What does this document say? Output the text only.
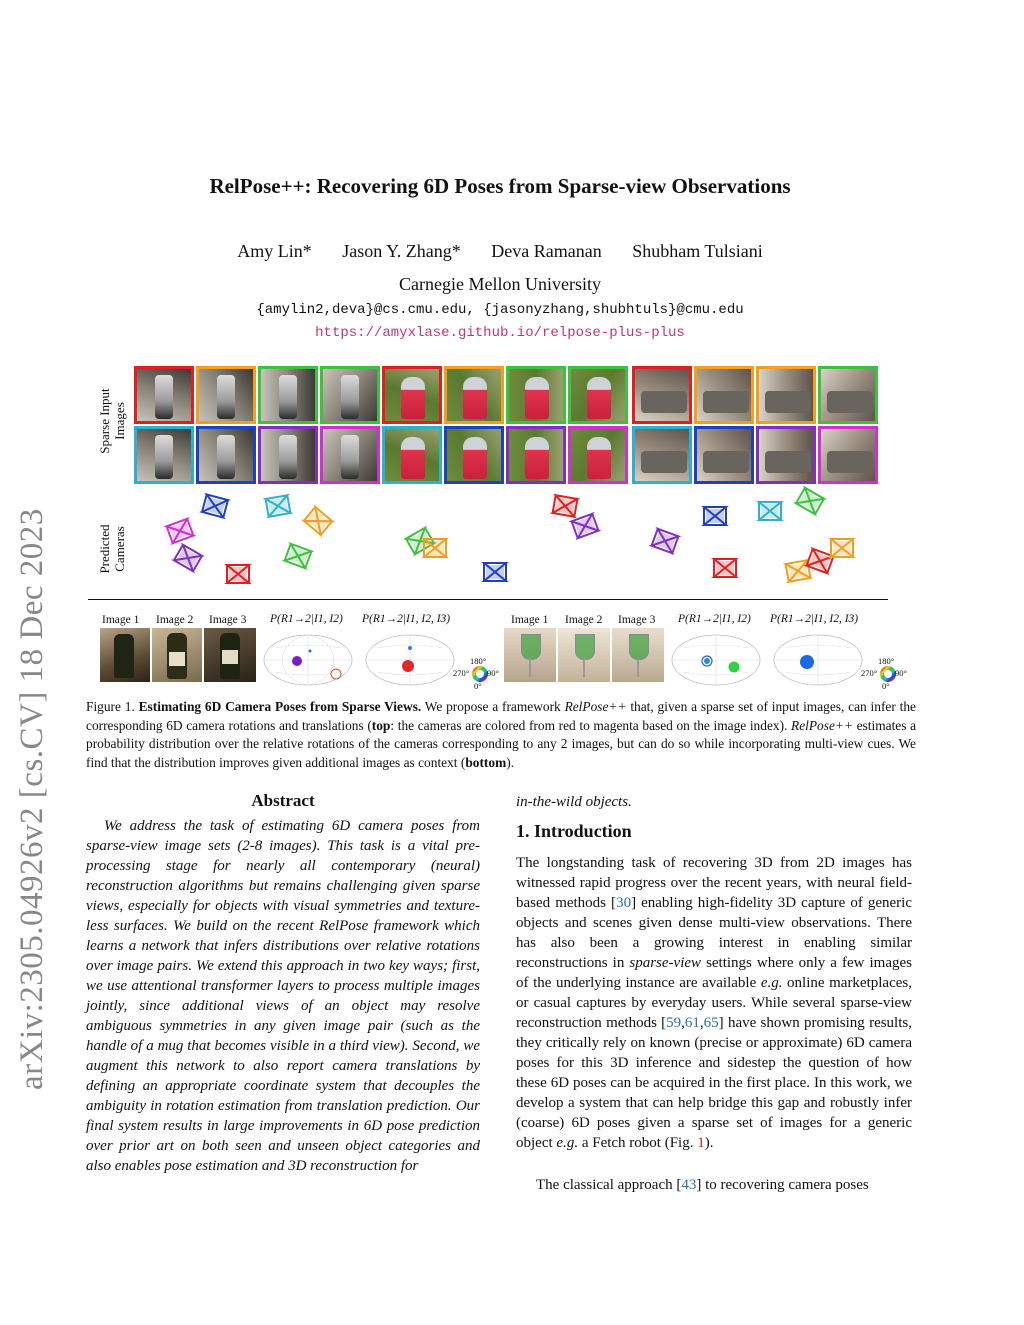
arXiv:2305.04926v2 [cs.CV] 18 Dec 2023
RelPose++: Recovering 6D Poses from Sparse-view Observations
Amy Lin* Jason Y. Zhang* Deva Ramanan Shubham Tulsiani
Carnegie Mellon University
{amylin2,deva}@cs.cmu.edu, {jasonyzhang,shubhtuls}@cmu.edu
https://amyxlase.github.io/relpose-plus-plus
Sparse Input Images
Predicted Cameras
Image 1 Image 2 Image 3 P(R1→2|I1, I2) P(R1→2|I1, I2, I3)	Image 1 Image 2 Image 3 P(R1→2|I1, I2) P(R1→2|I1, I2, I3)
180°
270° 90°
0°
180°
270° 90°
0°
Figure 1. Estimating 6D Camera Poses from Sparse Views. We propose a framework RelPose++ that, given a sparse set of input images, can infer the corresponding 6D camera rotations and translations (top: the cameras are colored from red to magenta based on the image index). RelPose++ estimates a probability distribution over the relative rotations of the cameras corresponding to any 2 images, but can do so while incorporating multi-view cues. We find that the distribution improves given additional images as context (bottom).
Abstract
We address the task of estimating 6D camera poses from sparse-view image sets (2-8 images). This task is a vital pre-processing stage for nearly all contemporary (neural) reconstruction algorithms but remains challenging given sparse views, especially for objects with visual symmetries and texture-less surfaces. We build on the recent RelPose framework which learns a network that infers distributions over relative rotations over image pairs. We extend this approach in two key ways; first, we use attentional transformer layers to process multiple images jointly, since additional views of an object may resolve ambiguous symmetries in any given image pair (such as the handle of a mug that becomes visible in a third view). Second, we augment this network to also report camera translations by defining an appropriate coordinate system that decouples the ambiguity in rotation estimation from translation prediction. Our final system results in large improvements in 6D pose prediction over prior art on both seen and unseen object categories and also enables pose estimation and 3D reconstruction for
in-the-wild objects.
1. Introduction
The longstanding task of recovering 3D from 2D images has witnessed rapid progress over the recent years, with neural field-based methods [30] enabling high-fidelity 3D capture of generic objects and scenes given dense multi-view observations. There has also been a growing interest in enabling similar reconstructions in sparse-view settings where only a few images of the underlying instance are available e.g. online marketplaces, or casual captures by everyday users. While several sparse-view reconstruction methods [59,61,65] have shown promising results, they critically rely on known (precise or approximate) 6D camera poses for this 3D inference and sidestep the question of how these 6D poses can be acquired in the first place. In this work, we develop a system that can help bridge this gap and robustly infer (coarse) 6D poses given a sparse set of images for a generic object e.g. a Fetch robot (Fig. 1).
The classical approach [43] to recovering camera poses
